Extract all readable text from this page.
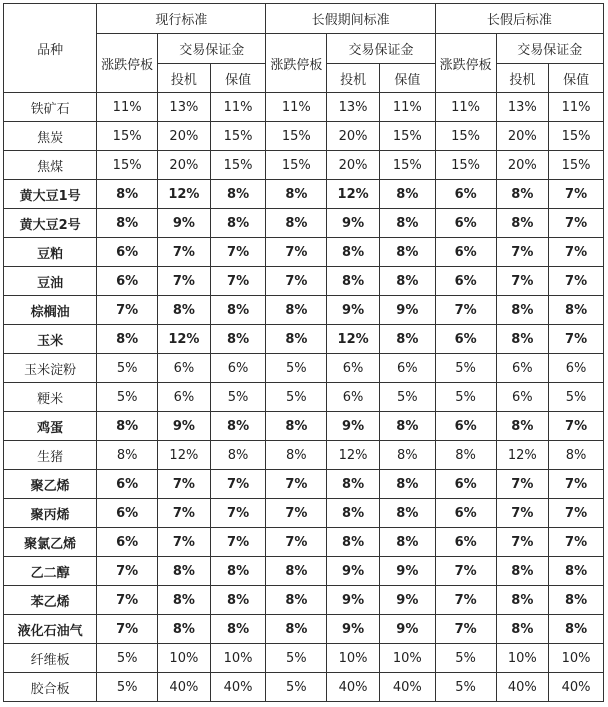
品种	现行标准			长假期间标准			长假后标准		
	涨跌停板	交易保证金		涨跌停板	交易保证金		涨跌停板	交易保证金	
		投机	保值		投机	保值		投机	保值
铁矿石	11%	13%	11%	11%	13%	11%	11%	13%	11%
焦炭	15%	20%	15%	15%	20%	15%	15%	20%	15%
焦煤	15%	20%	15%	15%	20%	15%	15%	20%	15%
黄大豆1号	8%	12%	8%	8%	12%	8%	6%	8%	7%
黄大豆2号	8%	9%	8%	8%	9%	8%	6%	8%	7%
豆粕	6%	7%	7%	7%	8%	8%	6%	7%	7%
豆油	6%	7%	7%	7%	8%	8%	6%	7%	7%
棕榈油	7%	8%	8%	8%	9%	9%	7%	8%	8%
玉米	8%	12%	8%	8%	12%	8%	6%	8%	7%
玉米淀粉	5%	6%	6%	5%	6%	6%	5%	6%	6%
粳米	5%	6%	5%	5%	6%	5%	5%	6%	5%
鸡蛋	8%	9%	8%	8%	9%	8%	6%	8%	7%
生猪	8%	12%	8%	8%	12%	8%	8%	12%	8%
聚乙烯	6%	7%	7%	7%	8%	8%	6%	7%	7%
聚丙烯	6%	7%	7%	7%	8%	8%	6%	7%	7%
聚氯乙烯	6%	7%	7%	7%	8%	8%	6%	7%	7%
乙二醇	7%	8%	8%	8%	9%	9%	7%	8%	8%
苯乙烯	7%	8%	8%	8%	9%	9%	7%	8%	8%
液化石油气	7%	8%	8%	8%	9%	9%	7%	8%	8%
纤维板	5%	10%	10%	5%	10%	10%	5%	10%	10%
胶合板	5%	40%	40%	5%	40%	40%	5%	40%	40%
